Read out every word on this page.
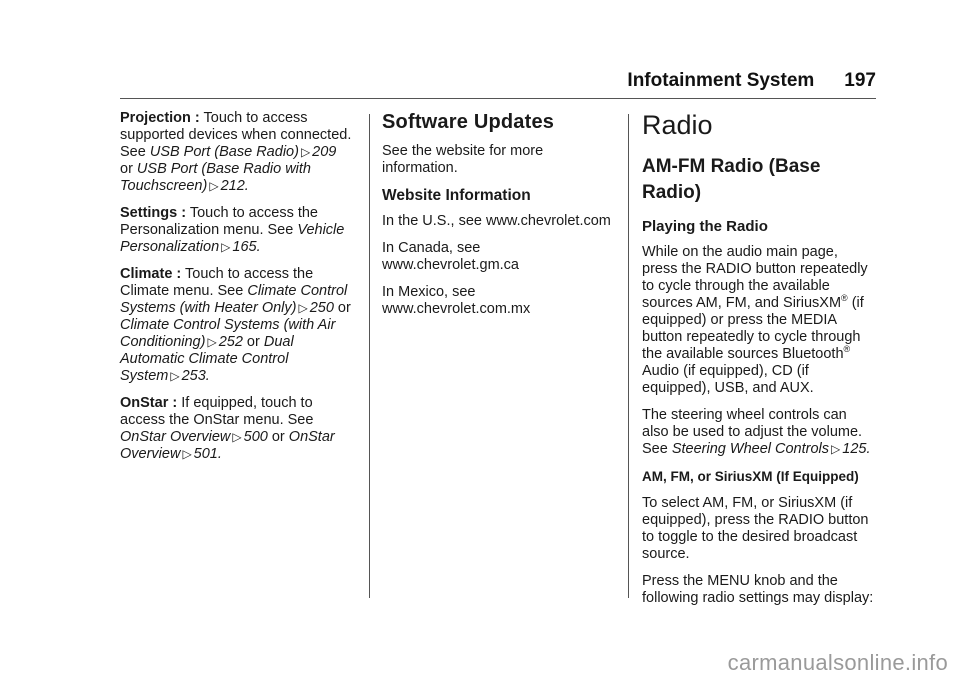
Infotainment System 197

Projection : Touch to access supported devices when connected. See USB Port (Base Radio) ▷ 209
or USB Port (Base Radio with Touchscreen) ▷ 212.

Settings : Touch to access the Personalization menu. See Vehicle Personalization ▷ 165.

Climate : Touch to access the Climate menu. See Climate Control Systems (with Heater Only) ▷ 250 or Climate Control Systems (with Air Conditioning) ▷ 252 or Dual Automatic Climate Control System ▷ 253.

OnStar : If equipped, touch to access the OnStar menu. See OnStar Overview ▷ 500 or OnStar Overview ▷ 501.

Software Updates

See the website for more information.

Website Information

In the U.S., see www.chevrolet.com

In Canada, see www.chevrolet.gm.ca

In Mexico, see www.chevrolet.com.mx

Radio
AM-FM Radio (Base Radio)
Playing the Radio

While on the audio main page, press the RADIO button repeatedly to cycle through the available sources AM, FM, and SiriusXM® (if equipped) or press the MEDIA button repeatedly to cycle through the available sources Bluetooth® Audio (if equipped), CD (if equipped), USB, and AUX.

The steering wheel controls can also be used to adjust the volume. See Steering Wheel Controls ▷ 125.

AM, FM, or SiriusXM (If Equipped)

To select AM, FM, or SiriusXM (if equipped), press the RADIO button to toggle to the desired broadcast source.

Press the MENU knob and the following radio settings may display:

carmanualsonline.info
